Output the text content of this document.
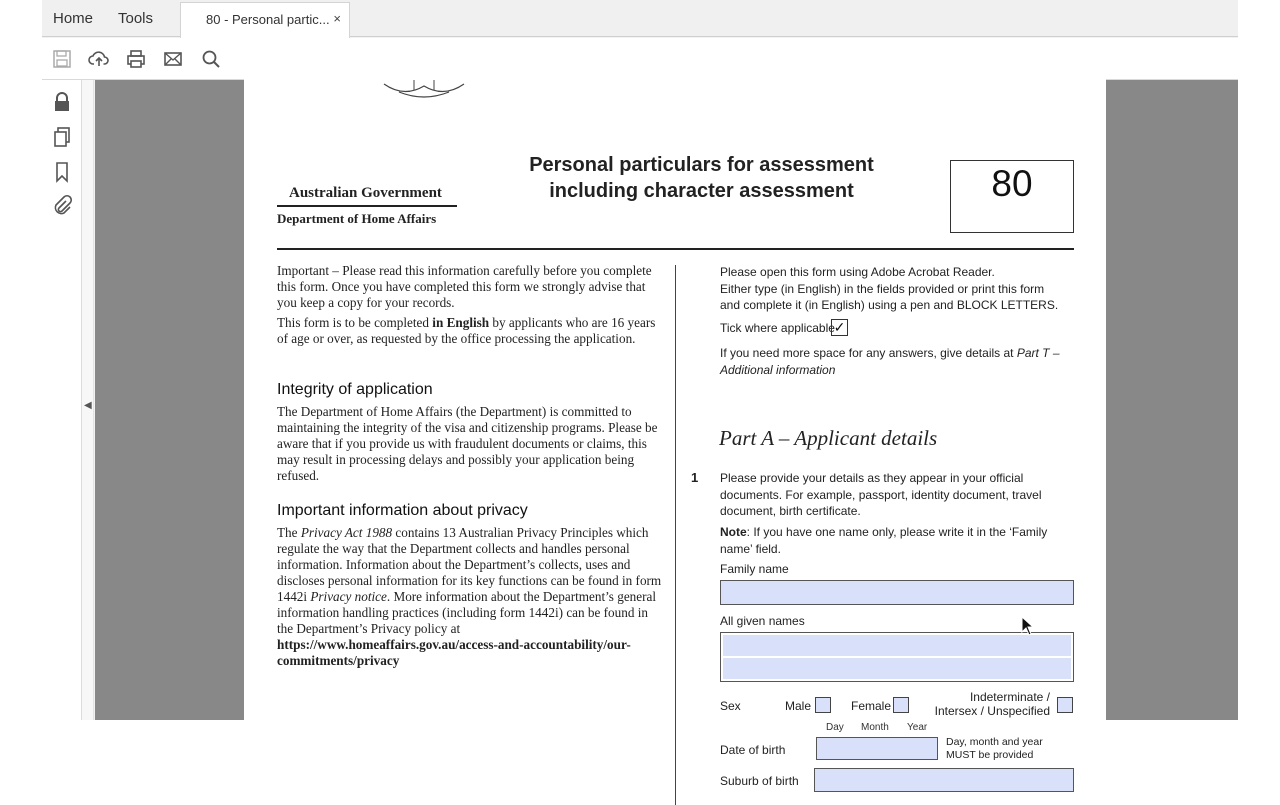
Home Tools	80 - Personal partic... ×
◀
Australian Government
Department of Home Affairs
Personal particulars for assessment
including character assessment	80
Important – Please read this information carefully before you complete this form. Once you have completed this form we strongly advise that you keep a copy for your records.
This form is to be completed in English by applicants who are 16 years of age or over, as requested by the office processing the application.
Integrity of application
The Department of Home Affairs (the Department) is committed to maintaining the integrity of the visa and citizenship programs. Please be aware that if you provide us with fraudulent documents or claims, this may result in processing delays and possibly your application being refused.
Important information about privacy
The Privacy Act 1988 contains 13 Australian Privacy Principles which regulate the way that the Department collects and handles personal information. Information about the Department’s collects, uses and discloses personal information for its key functions can be found in form 1442i Privacy notice. More information about the Department’s general information handling practices (including form 1442i) can be found in the Department’s Privacy policy at https://www.homeaffairs.gov.au/access-and-accountability/our-commitments/privacy
Please open this form using Adobe Acrobat Reader.
Either type (in English) in the fields provided or print this form
and complete it (in English) using a pen and BLOCK LETTERS.
Tick where applicable
✓
If you need more space for any answers, give details at Part T –
Additional information
Part A – Applicant details
1 Please provide your details as they appear in your official documents. For example, passport, identity document, travel document, birth certificate.
Note: If you have one name only, please write it in the ‘Family name’ field.
Family name
All given names
Sex	Male	Female
Indeterminate /
Intersex / Unspecified
Day Month Year
Date of birth
Day, month and year
MUST be provided
Suburb of birth
